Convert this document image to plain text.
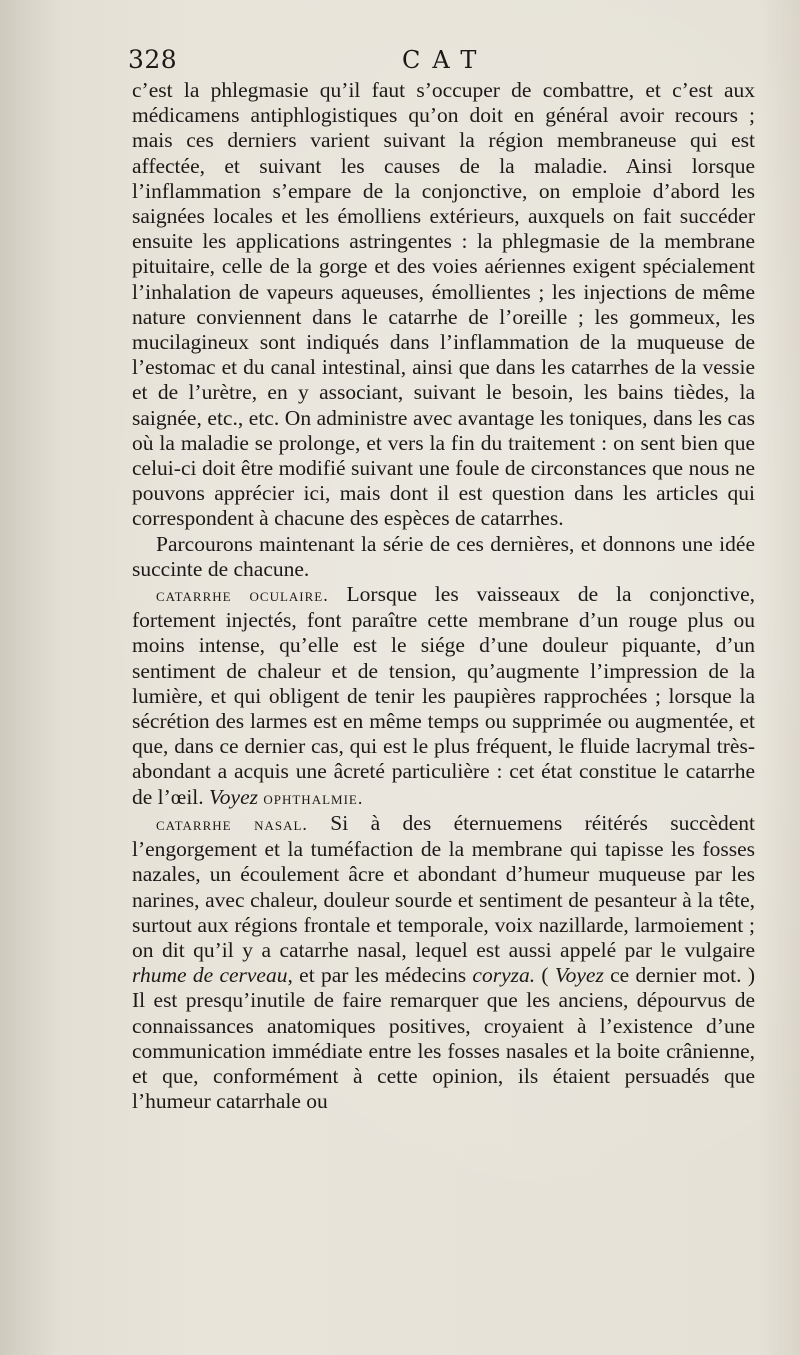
328	CAT

c’est la phlegmasie qu’il faut s’occuper de combattre, et c’est aux médicamens antiphlogistiques qu’on doit en général avoir recours ; mais ces derniers varient suivant la région membraneuse qui est affectée, et suivant les causes de la maladie. Ainsi lorsque l’inflammation s’empare de la conjonctive, on emploie d’abord les saignées locales et les émolliens extérieurs, auxquels on fait succéder ensuite les applications astringentes : la phlegmasie de la membrane pituitaire, celle de la gorge et des voies aériennes exigent spécialement l’inhalation de vapeurs aqueuses, émollientes ; les injections de même nature conviennent dans le catarrhe de l’oreille ; les gommeux, les mucilagineux sont indiqués dans l’inflammation de la muqueuse de l’estomac et du canal intestinal, ainsi que dans les catarrhes de la vessie et de l’urètre, en y associant, suivant le besoin, les bains tièdes, la saignée, etc., etc. On administre avec avantage les toniques, dans les cas où la maladie se prolonge, et vers la fin du traitement : on sent bien que celui-ci doit être modifié suivant une foule de circonstances que nous ne pouvons apprécier ici, mais dont il est question dans les articles qui correspondent à chacune des espèces de catarrhes.

Parcourons maintenant la série de ces dernières, et donnons une idée succinte de chacune.

catarrhe oculaire. Lorsque les vaisseaux de la conjonctive, fortement injectés, font paraître cette membrane d’un rouge plus ou moins intense, qu’elle est le siége d’une douleur piquante, d’un sentiment de chaleur et de tension, qu’augmente l’impression de la lumière, et qui obligent de tenir les paupières rapprochées ; lorsque la sécrétion des larmes est en même temps ou supprimée ou augmentée, et que, dans ce dernier cas, qui est le plus fréquent, le fluide lacrymal très-abondant a acquis une âcreté particulière : cet état constitue le catarrhe de l’œil. Voyez ophthalmie.

catarrhe nasal. Si à des éternuemens réitérés succèdent l’engorgement et la tuméfaction de la membrane qui tapisse les fosses nazales, un écoulement âcre et abondant d’humeur muqueuse par les narines, avec chaleur, douleur sourde et sentiment de pesanteur à la tête, surtout aux régions frontale et temporale, voix nazillarde, larmoiement ; on dit qu’il y a catarrhe nasal, lequel est aussi appelé par le vulgaire rhume de cerveau, et par les médecins coryza. ( Voyez ce dernier mot. ) Il est presqu’inutile de faire remarquer que les anciens, dépourvus de connaissances anatomiques positives, croyaient à l’existence d’une communication immédiate entre les fosses nasales et la boite crânienne, et que, conformément à cette opinion, ils étaient persuadés que l’humeur catarrhale ou
